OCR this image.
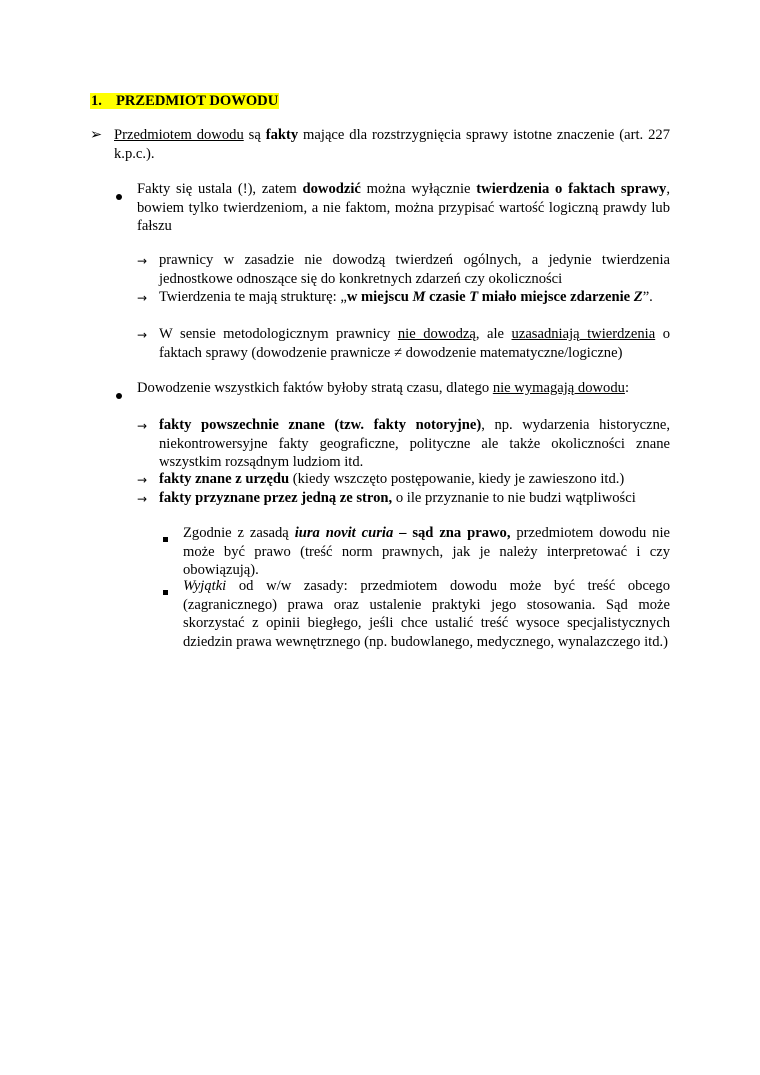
1. PRZEDMIOT DOWODU
➢ Przedmiotem dowodu są fakty mające dla rozstrzygnięcia sprawy istotne znaczenie (art. 227 k.p.c.).
Fakty się ustala (!), zatem dowodzić można wyłącznie twierdzenia o faktach sprawy, bowiem tylko twierdzeniom, a nie faktom, można przypisać wartość logiczną prawdy lub fałszu
→ prawnicy w zasadzie nie dowodzą twierdzeń ogólnych, a jedynie twierdzenia jednostkowe odnoszące się do konkretnych zdarzeń czy okoliczności
→ Twierdzenia te mają strukturę: „w miejscu M czasie T miało miejsce zdarzenie Z”.
→ W sensie metodologicznym prawnicy nie dowodzą, ale uzasadniają twierdzenia o faktach sprawy (dowodzenie prawnicze ≠ dowodzenie matematyczne/logiczne)
Dowodzenie wszystkich faktów byłoby stratą czasu, dlatego nie wymagają dowodu:
→ fakty powszechnie znane (tzw. fakty notoryjne), np. wydarzenia historyczne, niekontrowersyjne fakty geograficzne, polityczne ale także okoliczności znane wszystkim rozsądnym ludziom itd.
→ fakty znane z urzędu (kiedy wszczęto postępowanie, kiedy je zawieszono itd.)
→ fakty przyznane przez jedną ze stron, o ile przyznanie to nie budzi wątpliwości
Zgodnie z zasadą iura novit curia – sąd zna prawo, przedmiotem dowodu nie może być prawo (treść norm prawnych, jak je należy interpretować i czy obowiązują).
Wyjątki od w/w zasady: przedmiotem dowodu może być treść obcego (zagranicznego) prawa oraz ustalenie praktyki jego stosowania. Sąd może skorzystać z opinii biegłego, jeśli chce ustalić treść wysoce specjalistycznych dziedzin prawa wewnętrznego (np. budowlanego, medycznego, wynalazczego itd.)
